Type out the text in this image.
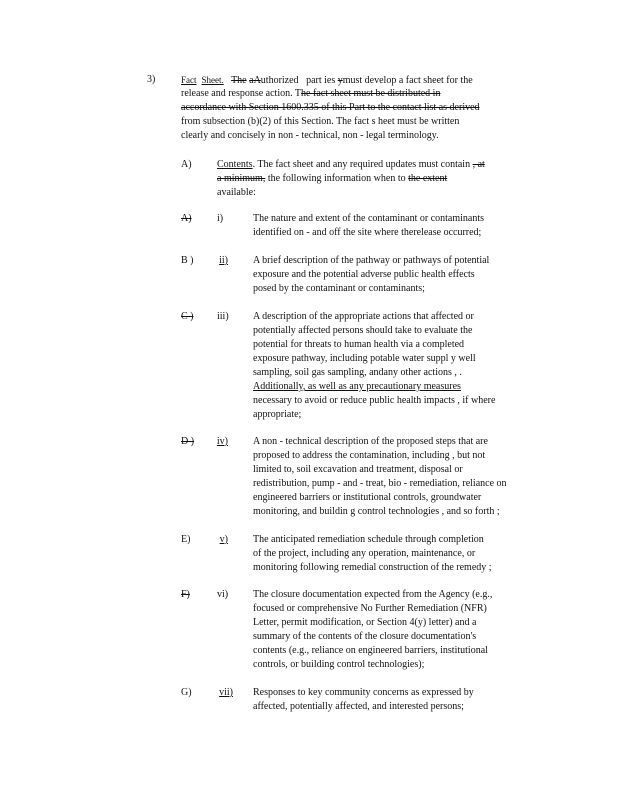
3)	Fact Sheet. The aAuthorized part ies ymust develop a fact sheet for the
release and response action. The fact sheet must be distributed in
accordance with Section 1600.335 of this Part to the contact list as derived
from subsection (b)(2) of this Section. The fact s heet must be written
clearly and concisely in non - technical, non - legal terminology.
A)	Contents. The fact sheet and any required updates must contain , at
a minimum, the following information when to the extent
available:
A)	i)	The nature and extent of the contaminant or contaminants
identified on - and off the site where therelease occurred;
B )	ii)	A brief description of the pathway or pathways of potential
exposure and the potential adverse public health effects
posed by the contaminant or contaminants;
C ) iii) A description of the appropriate actions that affected or
potentially affected persons should take to evaluate the
potential for threats to human health via a completed
exposure pathway, including potable water suppl y well
sampling, soil gas sampling, andany other actions , .
Additionally, as well as any precautionary measures
necessary to avoid or reduce public health impacts , if where
appropriate;
D )	iv)	A non - technical description of the proposed steps that are
proposed to address the contamination, including , but not
limited to, soil excavation and treatment, disposal or
redistribution, pump - and - treat, bio - remediation, reliance on
engineered barriers or institutional controls, groundwater
monitoring, and buildin g control technologies , and so forth ;
E)	v)	The anticipated remediation schedule through completion
of the project, including any operation, maintenance, or
monitoring following remedial construction of the remedy ;
F)	vi) The closure documentation expected from the Agency (e.g.,
focused or comprehensive No Further Remediation (NFR)
Letter, permit modification, or Section 4(y) letter) and a
summary of the contents of the closure documentation's
contents (e.g., reliance on engineered barriers, institutional
controls, or building control technologies);
G)	vii) Responses to key community concerns as expressed by
affected, potentially affected, and interested persons;
